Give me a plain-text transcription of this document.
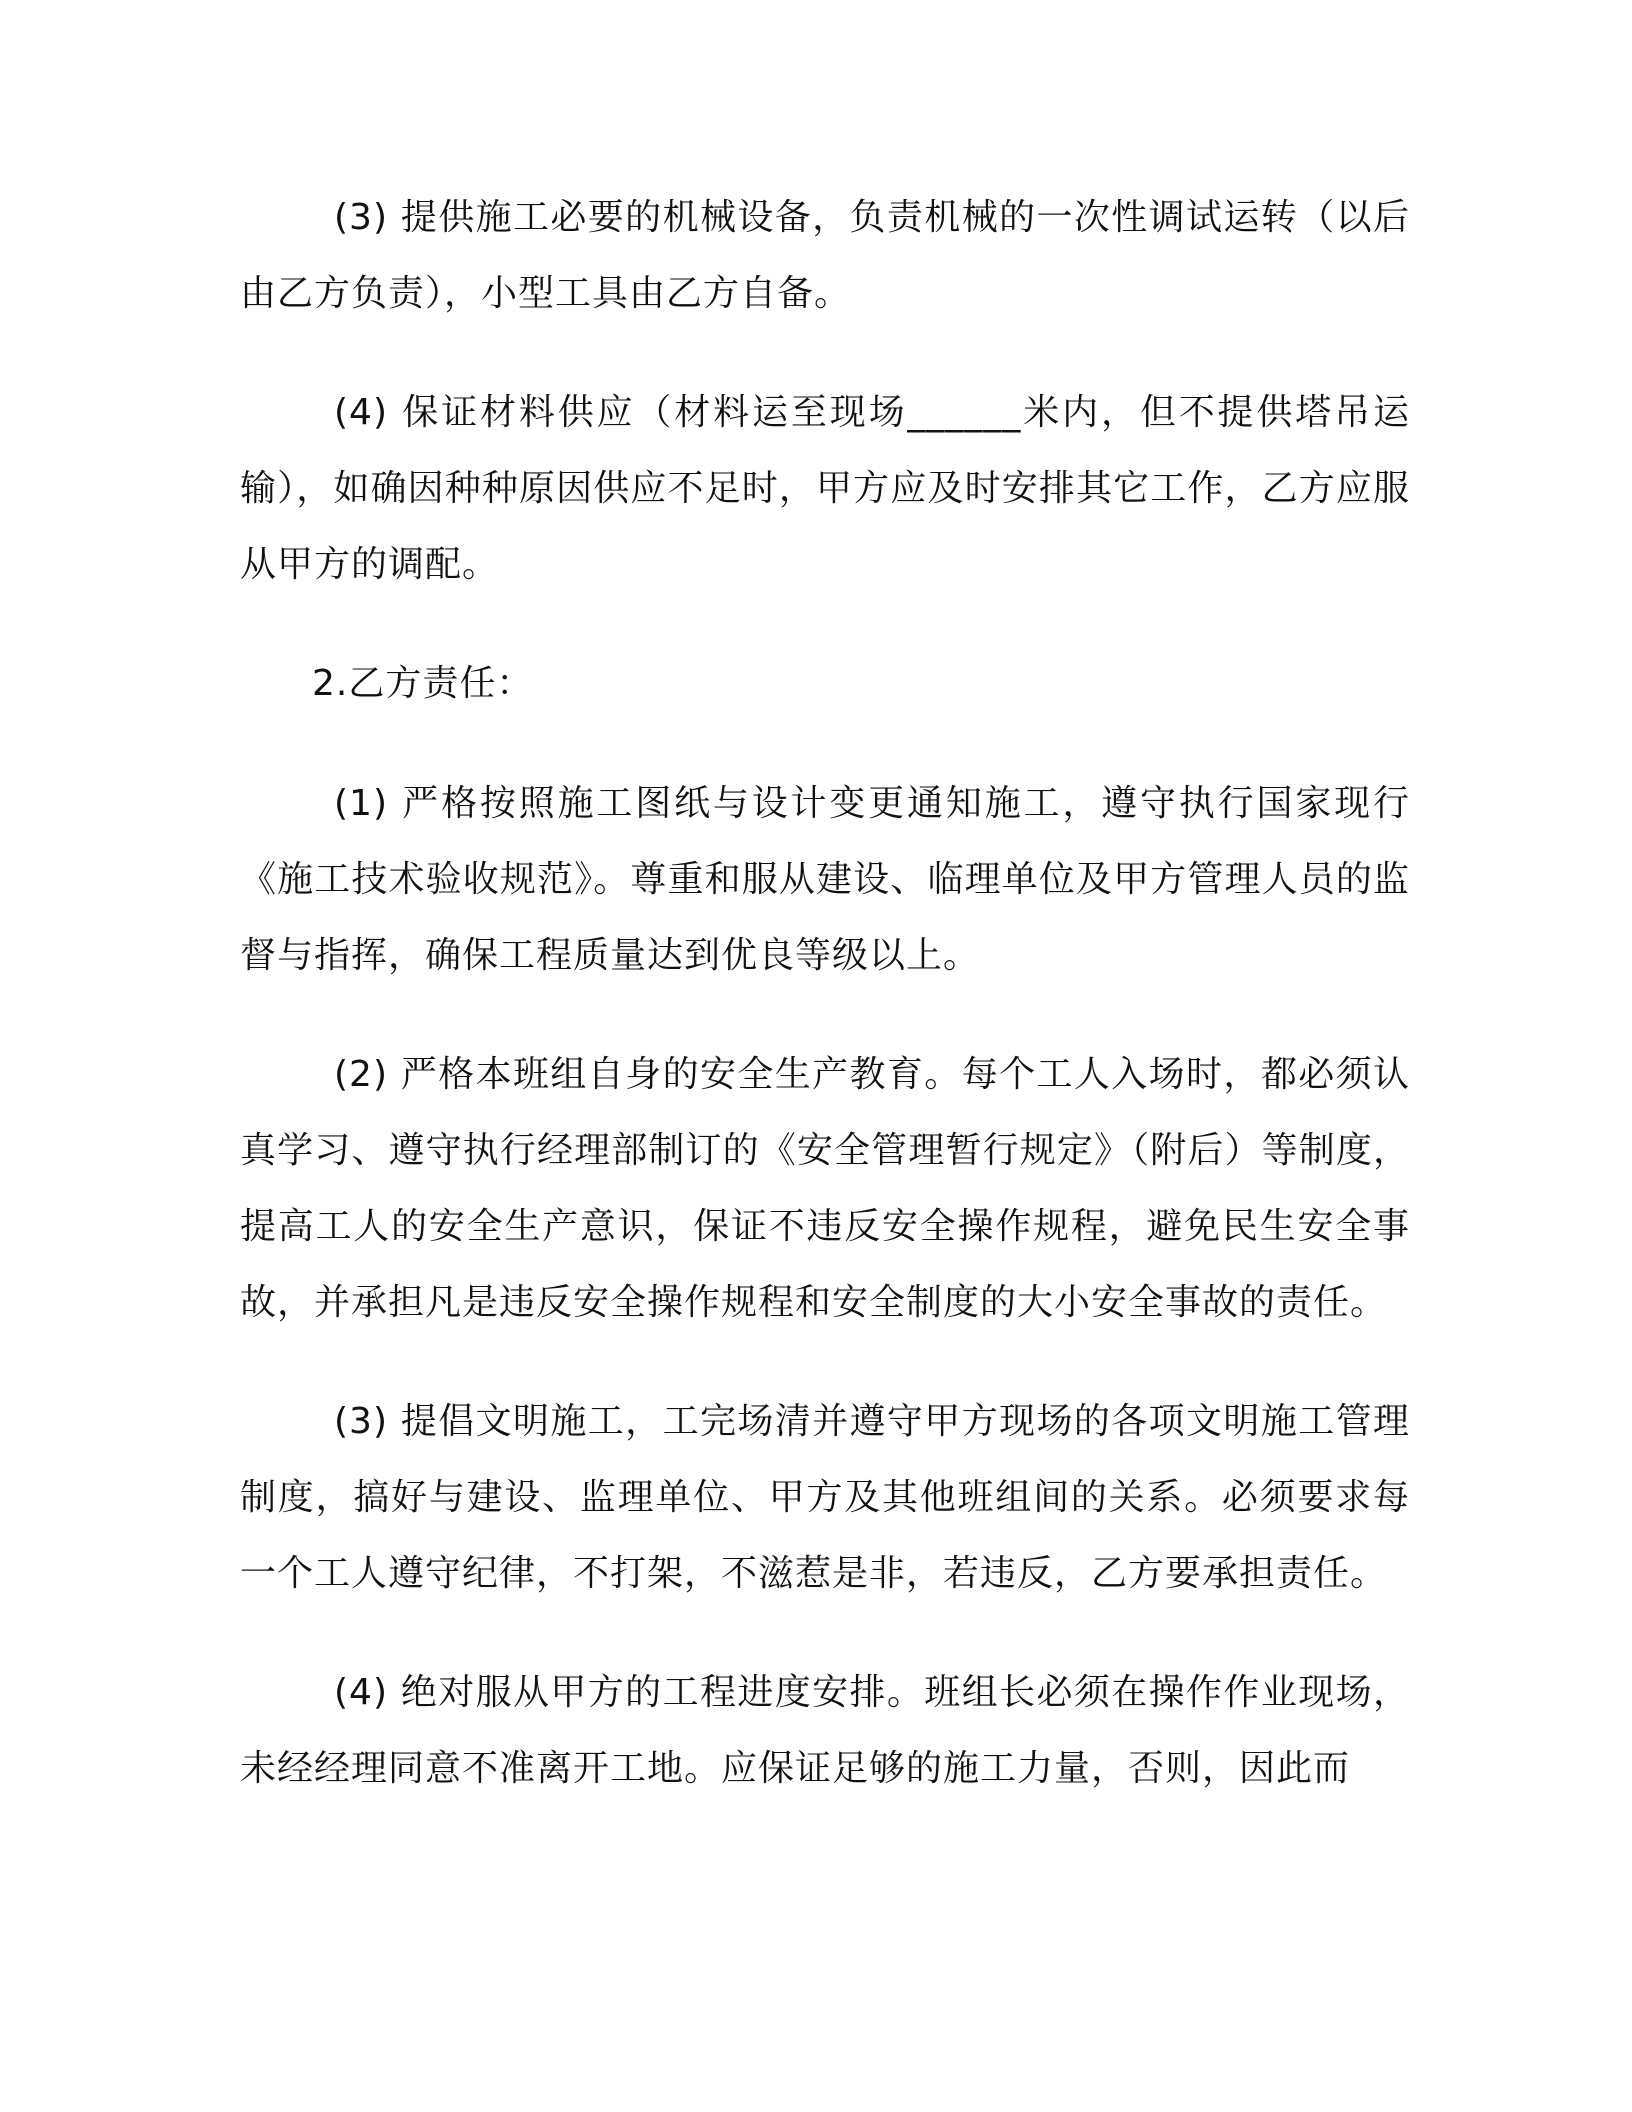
(3) 提供施工必要的机械设备，负责机械的一次性调试运转（以后由乙方负责），小型工具由乙方自备。

(4) 保证材料供应（材料运至现场______米内，但不提供塔吊运输），如确因种种原因供应不足时，甲方应及时安排其它工作，乙方应服从甲方的调配。

2.乙方责任：

(1) 严格按照施工图纸与设计变更通知施工，遵守执行国家现行《施工技术验收规范》。尊重和服从建设、临理单位及甲方管理人员的监督与指挥，确保工程质量达到优良等级以上。

(2) 严格本班组自身的安全生产教育。每个工人入场时，都必须认真学习、遵守执行经理部制订的《安全管理暂行规定》（附后）等制度，提高工人的安全生产意识，保证不违反安全操作规程，避免民生安全事故，并承担凡是违反安全操作规程和安全制度的大小安全事故的责任。

(3) 提倡文明施工，工完场清并遵守甲方现场的各项文明施工管理制度，搞好与建设、监理单位、甲方及其他班组间的关系。必须要求每一个工人遵守纪律，不打架，不滋惹是非，若违反，乙方要承担责任。

(4) 绝对服从甲方的工程进度安排。班组长必须在操作作业现场，未经经理同意不准离开工地。应保证足够的施工力量，否则，因此而
